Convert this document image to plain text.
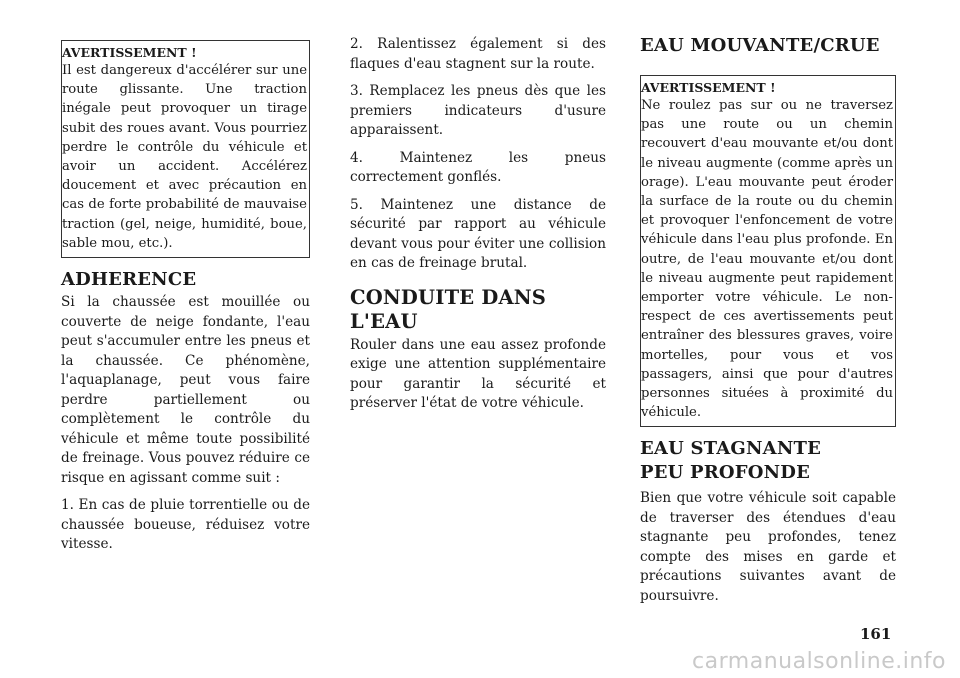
AVERTISSEMENT !
Il est dangereux d'accélérer sur une route glissante. Une traction inégale peut provoquer un tirage subit des roues avant. Vous pourriez perdre le contrôle du véhicule et avoir un accident. Accélérez doucement et avec précaution en cas de forte probabilité de mauvaise traction (gel, neige, humidité, boue, sable mou, etc.).
ADHERENCE

Si la chaussée est mouillée ou couverte de neige fondante, l'eau peut s'accumuler entre les pneus et la chaussée. Ce phénomène, l'aquaplanage, peut vous faire perdre partiellement ou complètement le contrôle du véhicule et même toute possibilité de freinage. Vous pouvez réduire ce risque en agissant comme suit :

1. En cas de pluie torrentielle ou de chaussée boueuse, réduisez votre vitesse.

2. Ralentissez également si des flaques d'eau stagnent sur la route.

3. Remplacez les pneus dès que les premiers indicateurs d'usure apparaissent.

4. Maintenez les pneus correctement gonflés.

5. Maintenez une distance de sécurité par rapport au véhicule devant vous pour éviter une collision en cas de freinage brutal.

CONDUITE DANS L'EAU

Rouler dans une eau assez profonde exige une attention supplémentaire pour garantir la sécurité et préserver l'état de votre véhicule.

EAU MOUVANTE/CRUE
AVERTISSEMENT !
Ne roulez pas sur ou ne traversez pas une route ou un chemin recouvert d'eau mouvante et/ou dont le niveau augmente (comme après un orage). L'eau mouvante peut éroder la surface de la route ou du chemin et provoquer l'enfoncement de votre véhicule dans l'eau plus profonde. En outre, de l'eau mouvante et/ou dont le niveau augmente peut rapidement emporter votre véhicule. Le non-respect de ces avertissements peut entraîner des blessures graves, voire mortelles, pour vous et vos passagers, ainsi que pour d'autres personnes situées à proximité du véhicule.
EAU STAGNANTE PEU PROFONDE

Bien que votre véhicule soit capable de traverser des étendues d'eau stagnante peu profondes, tenez compte des mises en garde et précautions suivantes avant de poursuivre.

161
carmanualsonline.info
